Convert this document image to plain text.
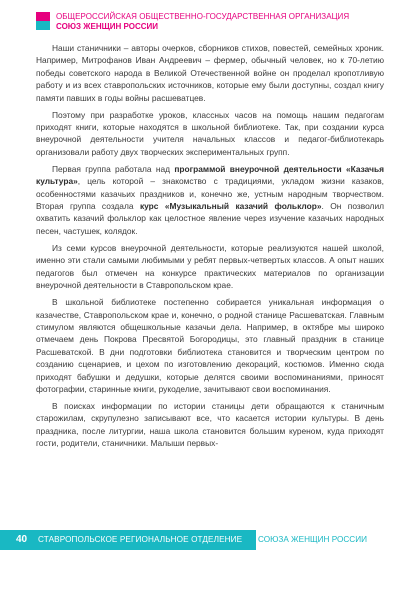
ОБЩЕРОССИЙСКАЯ ОБЩЕСТВЕННО-ГОСУДАРСТВЕННАЯ ОРГАНИЗАЦИЯ
СОЮЗ ЖЕНЩИН РОССИИ

Наши станичники – авторы очерков, сборников стихов, повестей, семейных хроник. Например, Митрофанов Иван Андреевич – фермер, обычный человек, но к 70-летию победы советского народа в Великой Отечественной войне он проделал кропотливую работу и из всех ставропольских источников, которые ему были доступны, создал книгу памяти павших в годы войны расшеватцев.

Поэтому при разработке уроков, классных часов на помощь нашим педагогам приходят книги, которые находятся в школьной библиотеке. Так, при создании курса внеурочной деятельности учителя начальных классов и педагог-библиотекарь организовали работу двух творческих экспериментальных групп.

Первая группа работала над программой внеурочной деятельности «Казачья культура», цель которой – знакомство с традициями, укладом жизни казаков, особенностями казачьих праздников и, конечно же, устным народным творчеством. Вторая группа создала курс «Музыкальный казачий фольклор». Он позволил охватить казачий фольклор как целостное явление через изучение казачьих народных песен, частушек, колядок.

Из семи курсов внеурочной деятельности, которые реализуются нашей школой, именно эти стали самыми любимыми у ребят первых-четвертых классов. А опыт наших педагогов был отмечен на конкурсе практических материалов по организации внеурочной деятельности в Ставропольском крае.

В школьной библиотеке постепенно собирается уникальная информация о казачестве, Ставропольском крае и, конечно, о родной станице Расшеватская. Главным стимулом являются общешкольные казачьи дела. Например, в октябре мы широко отмечаем день Покрова Пресвятой Богородицы, это главный праздник в станице Расшеватской. В дни подготовки библиотека становится и творческим центром по созданию сценариев, и цехом по изготовлению декораций, костюмов. Именно сюда приходят бабушки и дедушки, которые делятся своими воспоминаниями, приносят фотографии, старинные книги, рукоделие, зачитывают свои воспоминания.

В поисках информации по истории станицы дети обращаются к станичным старожилам, скрупулезно записывают все, что касается истории культуры. В день праздника, после литургии, наша школа становится большим куреном, куда приходят гости, родители, станичники. Малыши первых-

40 СТАВРОПОЛЬСКОЕ РЕГИОНАЛЬНОЕ ОТДЕЛЕНИЕ СОЮЗА ЖЕНЩИН РОССИИ
